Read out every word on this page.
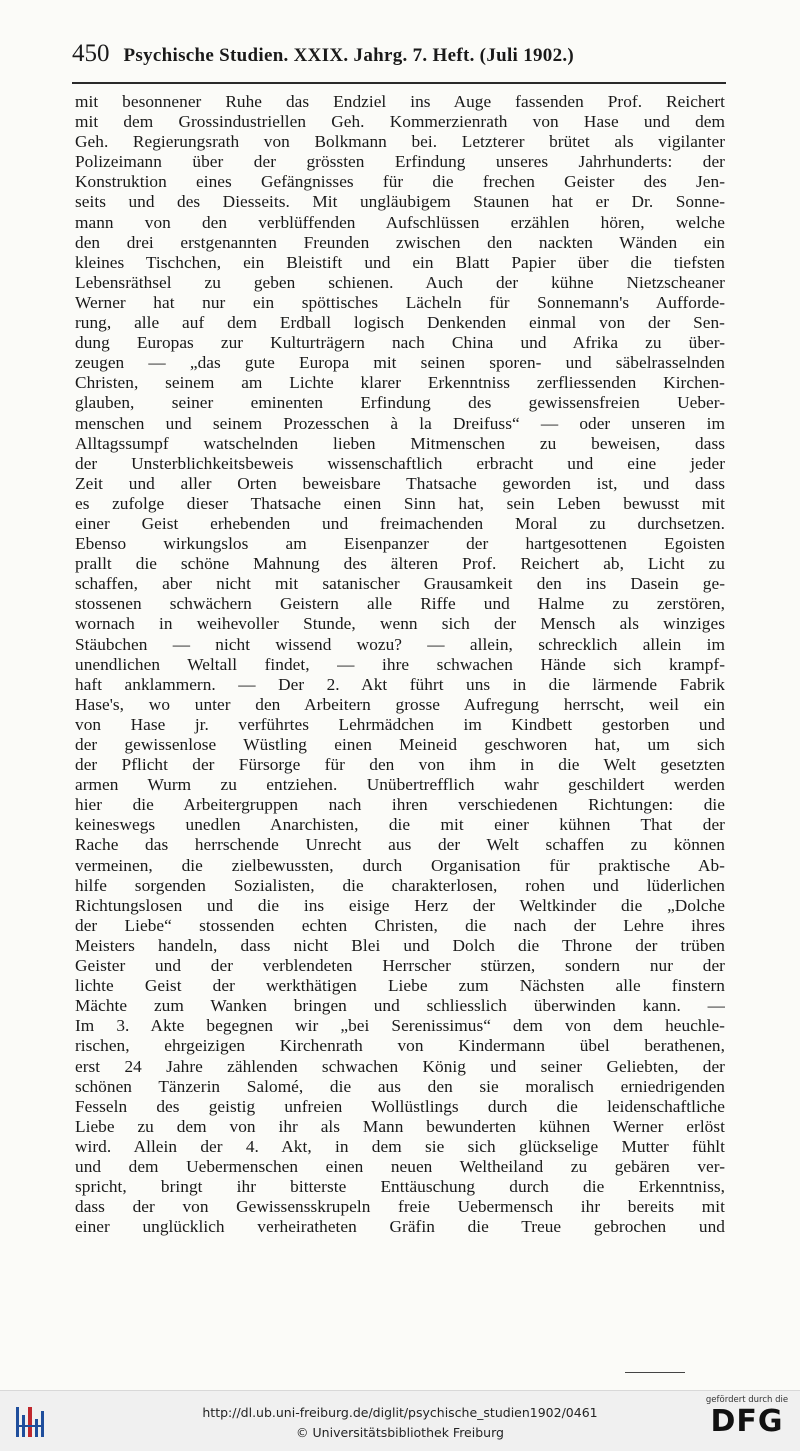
450 Psychische Studien. XXIX. Jahrg. 7. Heft. (Juli 1902.)
mit besonnener Ruhe das Endziel ins Auge fassenden Prof. Reichert
mit dem Grossindustriellen Geh. Kommerzienrath von Hase und dem
Geh. Regierungsrath von Bolkmann bei. Letzterer brütet als vigilanter
Polizeimann über der grössten Erfindung unseres Jahrhunderts: der
Konstruktion eines Gefängnisses für die frechen Geister des Jen-
seits und des Diesseits. Mit ungläubigem Staunen hat er Dr. Sonne-
mann von den verblüffenden Aufschlüssen erzählen hören, welche
den drei erstgenannten Freunden zwischen den nackten Wänden ein
kleines Tischchen, ein Bleistift und ein Blatt Papier über die tiefsten
Lebensräthsel zu geben schienen. Auch der kühne Nietzscheaner
Werner hat nur ein spöttisches Lächeln für Sonnemann's Aufforde-
rung, alle auf dem Erdball logisch Denkenden einmal von der Sen-
dung Europas zur Kulturträgern nach China und Afrika zu über-
zeugen — „das gute Europa mit seinen sporen- und säbelrasselnden
Christen, seinem am Lichte klarer Erkenntniss zerfliessenden Kirchen-
glauben, seiner eminenten Erfindung des gewissensfreien Ueber-
menschen und seinem Prozesschen à la Dreifuss“ — oder unseren im
Alltagssumpf watschelnden lieben Mitmenschen zu beweisen, dass
der Unsterblichkeitsbeweis wissenschaftlich erbracht und eine jeder
Zeit und aller Orten beweisbare Thatsache geworden ist, und dass
es zufolge dieser Thatsache einen Sinn hat, sein Leben bewusst mit
einer Geist erhebenden und freimachenden Moral zu durchsetzen.
Ebenso wirkungslos am Eisenpanzer der hartgesottenen Egoisten
prallt die schöne Mahnung des älteren Prof. Reichert ab, Licht zu
schaffen, aber nicht mit satanischer Grausamkeit den ins Dasein ge-
stossenen schwächern Geistern alle Riffe und Halme zu zerstören,
wornach in weihevoller Stunde, wenn sich der Mensch als winziges
Stäubchen — nicht wissend wozu? — allein, schrecklich allein im
unendlichen Weltall findet, — ihre schwachen Hände sich krampf-
haft anklammern. — Der 2. Akt führt uns in die lärmende Fabrik
Hase's, wo unter den Arbeitern grosse Aufregung herrscht, weil ein
von Hase jr. verführtes Lehrmädchen im Kindbett gestorben und
der gewissenlose Wüstling einen Meineid geschworen hat, um sich
der Pflicht der Fürsorge für den von ihm in die Welt gesetzten
armen Wurm zu entziehen. Unübertrefflich wahr geschildert werden
hier die Arbeitergruppen nach ihren verschiedenen Richtungen: die
keineswegs unedlen Anarchisten, die mit einer kühnen That der
Rache das herrschende Unrecht aus der Welt schaffen zu können
vermeinen, die zielbewussten, durch Organisation für praktische Ab-
hilfe sorgenden Sozialisten, die charakterlosen, rohen und lüderlichen
Richtungslosen und die ins eisige Herz der Weltkinder die „Dolche
der Liebe“ stossenden echten Christen, die nach der Lehre ihres
Meisters handeln, dass nicht Blei und Dolch die Throne der trüben
Geister und der verblendeten Herrscher stürzen, sondern nur der
lichte Geist der werkthätigen Liebe zum Nächsten alle finstern
Mächte zum Wanken bringen und schliesslich überwinden kann. —
Im 3. Akte begegnen wir „bei Serenissimus“ dem von dem heuchle-
rischen, ehrgeizigen Kirchenrath von Kindermann übel berathenen,
erst 24 Jahre zählenden schwachen König und seiner Geliebten, der
schönen Tänzerin Salomé, die aus den sie moralisch erniedrigenden
Fesseln des geistig unfreien Wollüstlings durch die leidenschaftliche
Liebe zu dem von ihr als Mann bewunderten kühnen Werner erlöst
wird. Allein der 4. Akt, in dem sie sich glückselige Mutter fühlt
und dem Uebermenschen einen neuen Weltheiland zu gebären ver-
spricht, bringt ihr bitterste Enttäuschung durch die Erkenntniss,
dass der von Gewissensskrupeln freie Uebermensch ihr bereits mit
einer unglücklich verheiratheten Gräfin die Treue gebrochen und
http://dl.ub.uni-freiburg.de/diglit/psychische_studien1902/0461
© Universitätsbibliothek Freiburg
gefördert durch die
DFG
